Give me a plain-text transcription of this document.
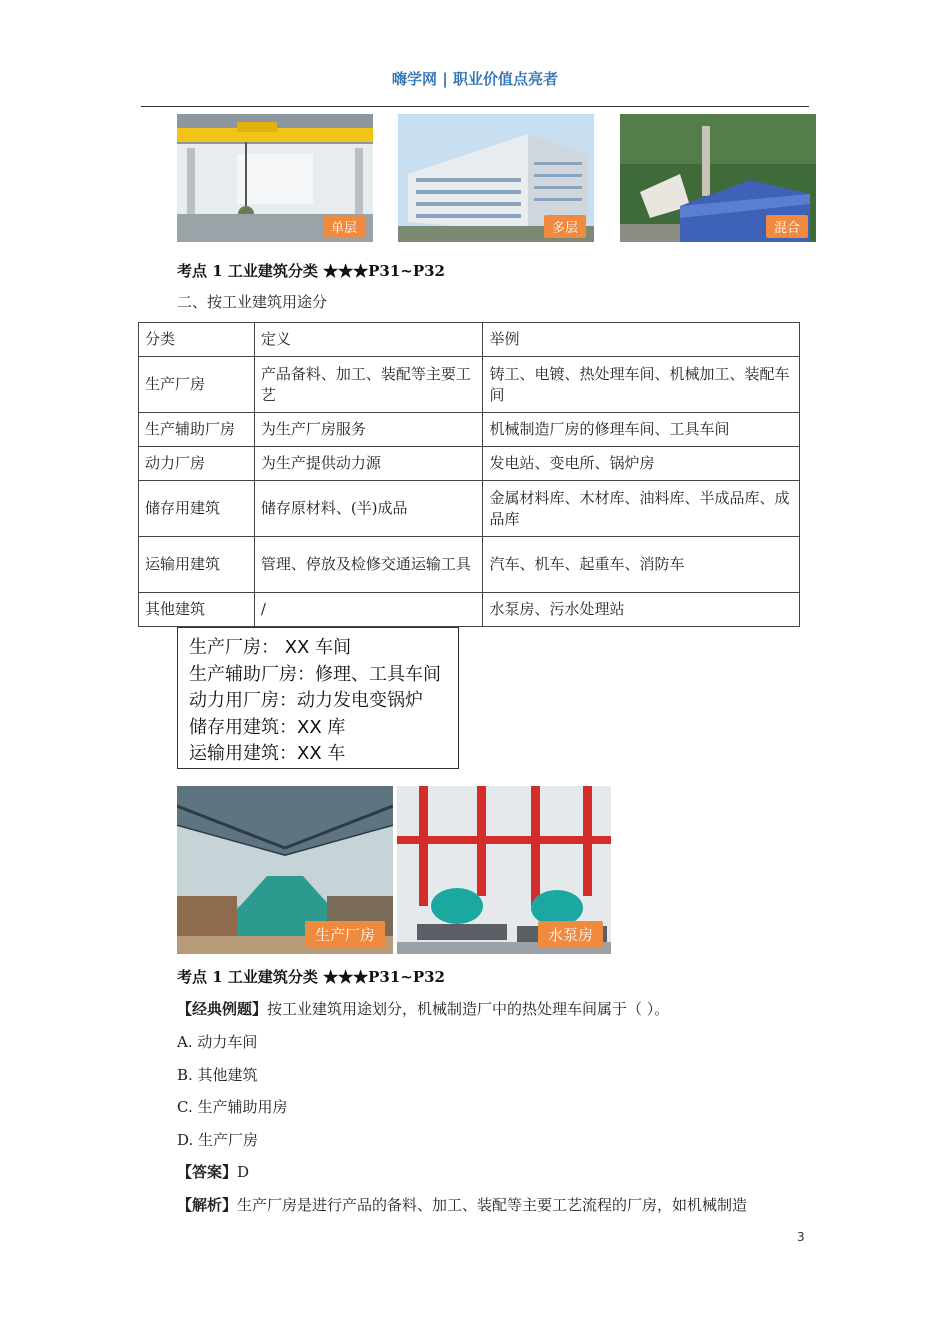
嗨学网 | 职业价值点亮者
单层	多层	混合
考点 1 工业建筑分类 ★★★P31~P32
二、按工业建筑用途分
分类	定义	举例
生产厂房	产品备料、加工、装配等主要工艺	铸工、电镀、热处理车间、机械加工、装配车间
生产辅助厂房	为生产厂房服务	机械制造厂房的修理车间、工具车间
动力厂房	为生产提供动力源	发电站、变电所、锅炉房
储存用建筑	储存原材料、(半)成品	金属材料库、木材库、油料库、半成品库、成品库
运输用建筑	管理、停放及检修交通运输工具	汽车、机车、起重车、消防车
其他建筑	/	水泵房、污水处理站
生产厂房： XX 车间
生产辅助厂房：修理、工具车间
动力用厂房：动力发电变锅炉
储存用建筑：XX 库
运输用建筑：XX 车
生产厂房	水泵房
考点 1 工业建筑分类 ★★★P31~P32
【经典例题】按工业建筑用途划分，机械制造厂中的热处理车间属于（ ）。
A. 动力车间
B. 其他建筑
C. 生产辅助用房
D. 生产厂房
【答案】D
【解析】生产厂房是进行产品的备料、加工、装配等主要工艺流程的厂房，如机械制造
3
